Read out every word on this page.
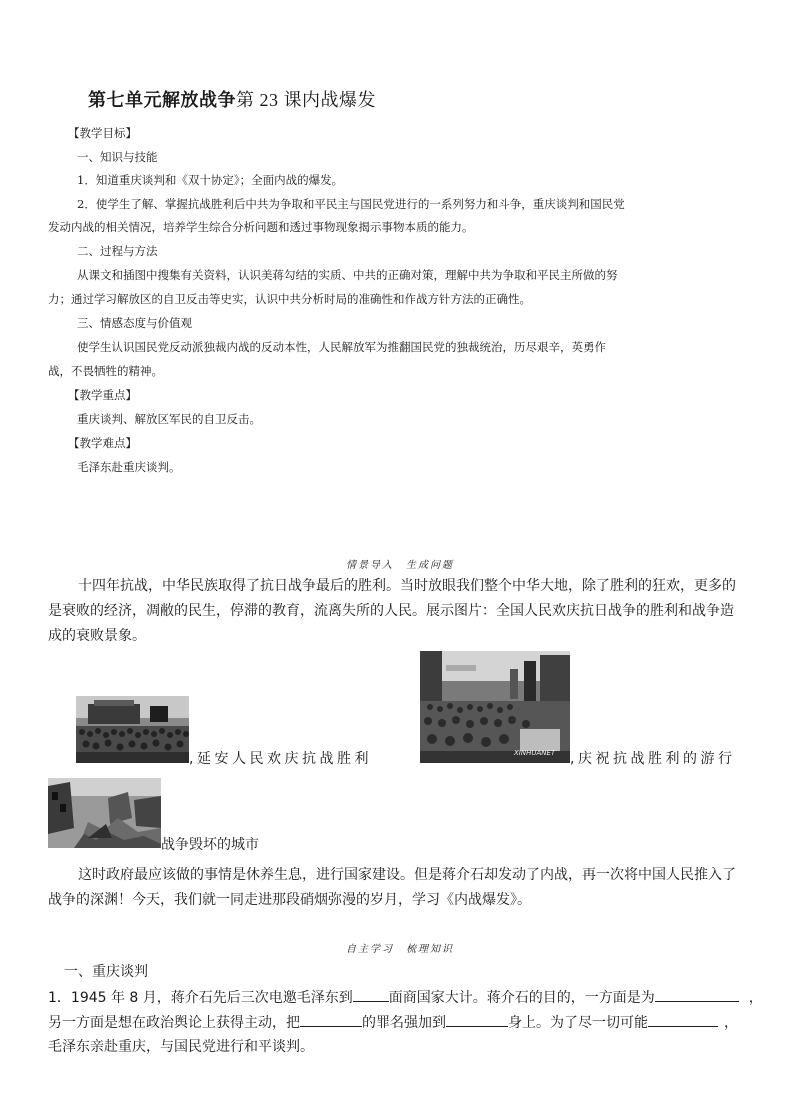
第七单元解放战争第 23 课内战爆发
【教学目标】
一、知识与技能
1．知道重庆谈判和《双十协定》；全面内战的爆发。
2．使学生了解、掌握抗战胜利后中共为争取和平民主与国民党进行的一系列努力和斗争，重庆谈判和国民党
发动内战的相关情况，培养学生综合分析问题和透过事物现象揭示事物本质的能力。
二、过程与方法
从课文和插图中搜集有关资料，认识美蒋勾结的实质、中共的正确对策，理解中共为争取和平民主所做的努
力；通过学习解放区的自卫反击等史实，认识中共分析时局的准确性和作战方针方法的正确性。
三、情感态度与价值观
使学生认识国民党反动派独裁内战的反动本性，人民解放军为推翻国民党的独裁统治，历尽艰辛，英勇作
战，不畏牺牲的精神。
【教学重点】
重庆谈判、解放区军民的自卫反击。
【教学难点】
毛泽东赴重庆谈判。
情景导入　生成问题
十四年抗战，中华民族取得了抗日战争最后的胜利。当时放眼我们整个中华大地，除了胜利的狂欢，更多的
是衰败的经济，凋敝的民生，停滞的教育，流离失所的人民。展示图片：全国人民欢庆抗日战争的胜利和战争造
成的衰败景象。
,延安人民欢庆抗战胜利	XINHUANET ,庆祝抗战胜利的游行
战争毁坏的城市
这时政府最应该做的事情是休养生息，进行国家建设。但是蒋介石却发动了内战，再一次将中国人民推入了
战争的深渊！今天，我们就一同走进那段硝烟弥漫的岁月，学习《内战爆发》。
自主学习　梳理知识
一、重庆谈判
1．1945 年 8 月，蒋介石先后三次电邀毛泽东到	面商国家大计。蒋介石的目的，一方面是为	，
另一方面是想在政治舆论上获得主动，把	的罪名强加到	身上。为了尽一切可能	，
毛泽东亲赴重庆，与国民党进行和平谈判。
